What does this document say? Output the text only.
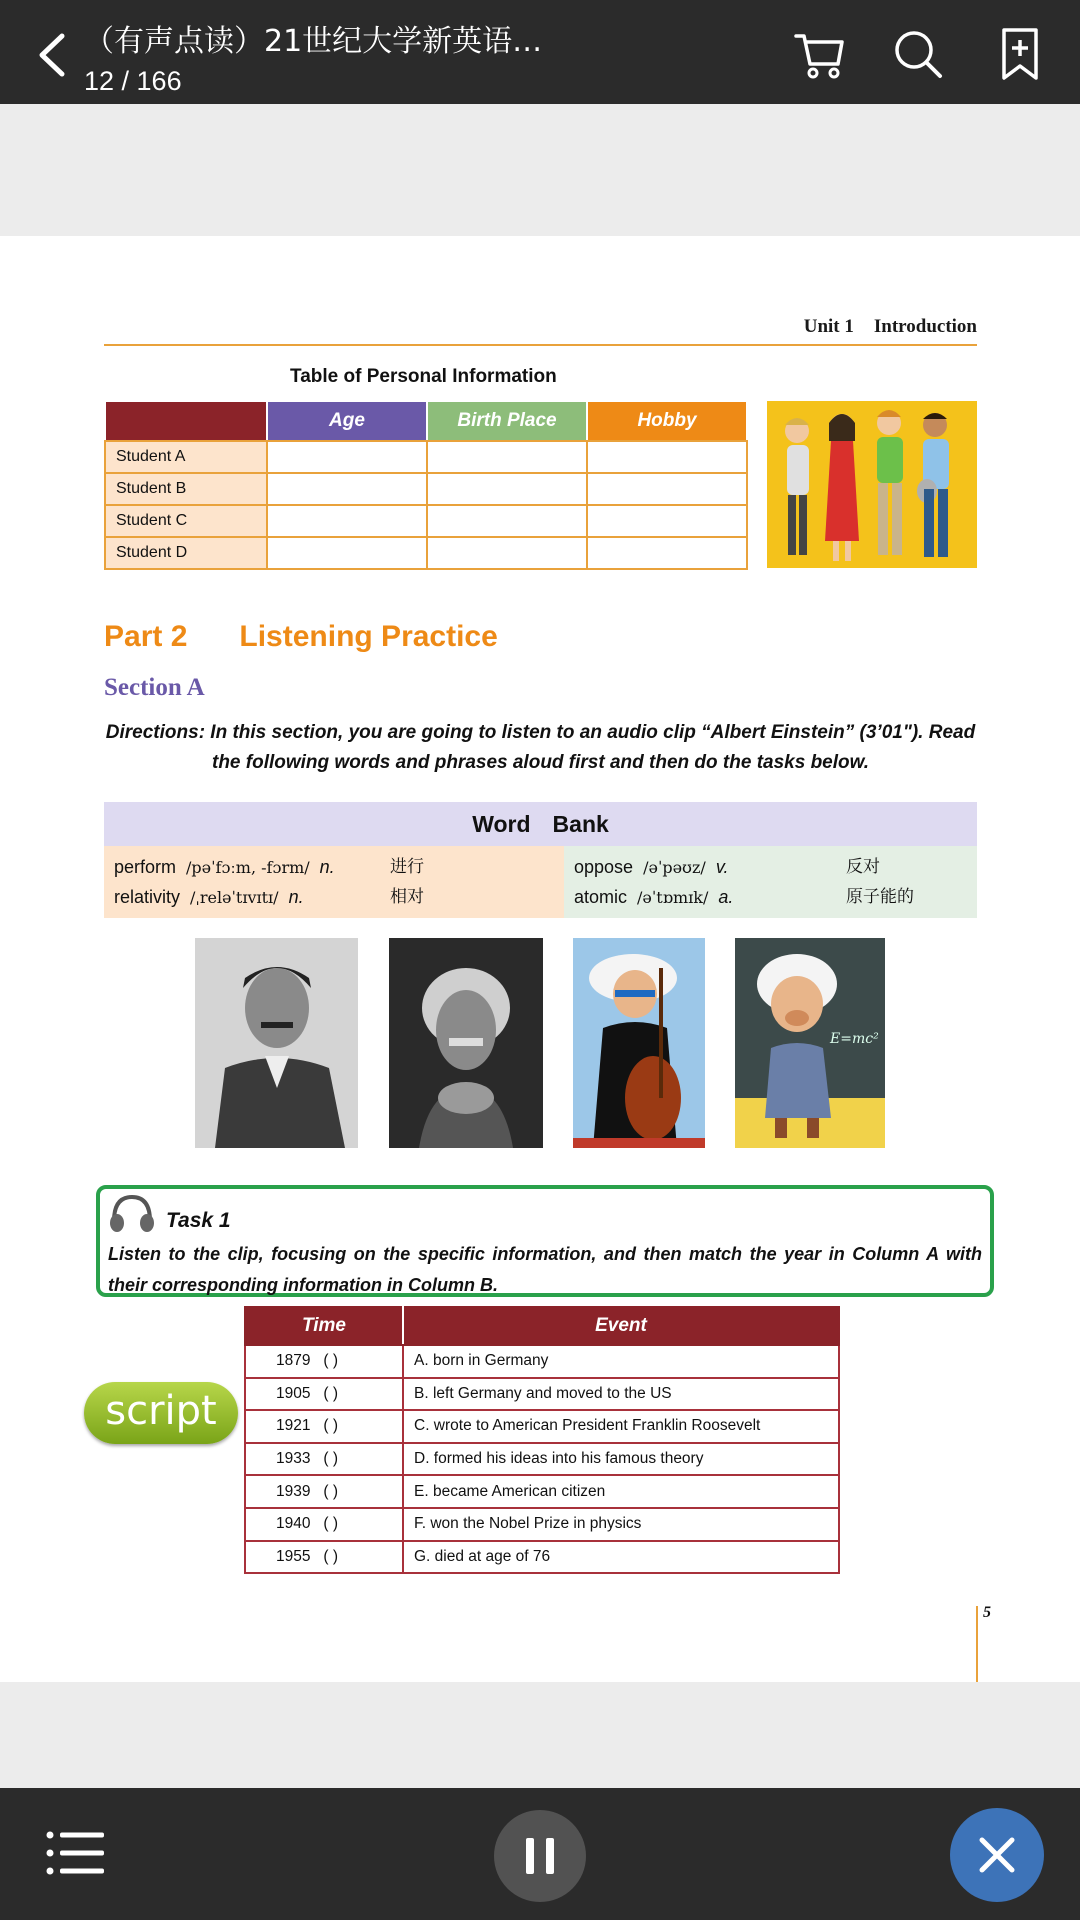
（有声点读）21世纪大学新英语…
12 / 166
Unit 1 Introduction
Table of Personal Information
	Age	Birth Place	Hobby
Student A			
Student B			
Student C			
Student D			
Part 2 Listening Practice
Section A
Directions: In this section, you are going to listen to an audio clip “Albert Einstein” (3’01"). Read the following words and phrases aloud first and then do the tasks below.
Word Bank
perform /pəˈfɔːm, -fɔrm/ n.	进行
relativity /ˌreləˈtɪvɪtɪ/ n.	相对
oppose /əˈpəʊz/ v.	反对
atomic /əˈtɒmɪk/ a.	原子能的
E=mc²
Task 1
Listen to the clip, focusing on the specific information, and then match the year in Column A with their corresponding information in Column B.
script
Time	Event
1879 ( )	A. born in Germany
1905 ( )	B. left Germany and moved to the US
1921 ( )	C. wrote to American President Franklin Roosevelt
1933 ( )	D. formed his ideas into his famous theory
1939 ( )	E. became American citizen
1940 ( )	F. won the Nobel Prize in physics
1955 ( )	G. died at age of 76
5
